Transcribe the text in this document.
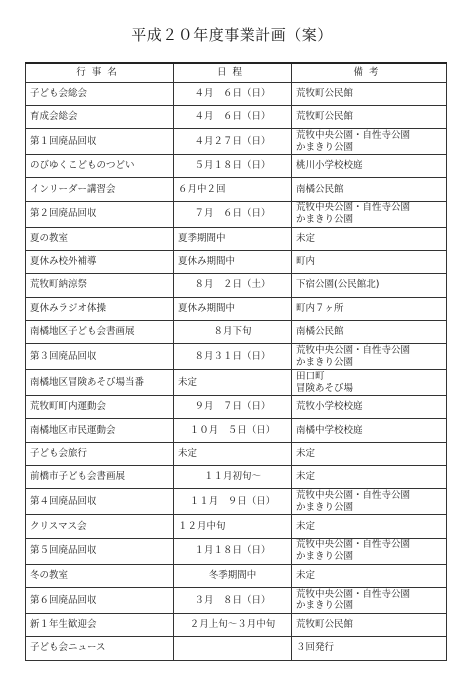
平成２０年度事業計画（案）
行事名	日程	備考
子ども会総会	４月　６日（日）	荒牧町公民館
育成会総会	４月　６日（日）	荒牧町公民館
第１回廃品回収	４月２７日（日）	荒牧中央公園・自性寺公園
かまきり公園
のびゆくこどものつどい	５月１８日（日）	桃川小学校校庭
インリーダー講習会	６月中２回	南橘公民館
第２回廃品回収	７月　６日（日）	荒牧中央公園・自性寺公園
かまきり公園
夏の教室	夏季期間中	未定
夏休み校外補導	夏休み期間中	町内
荒牧町納涼祭	８月　２日（土）	下宿公園(公民館北)
夏休みラジオ体操	夏休み期間中	町内７ヶ所
南橘地区子ども会書画展	８月下旬	南橘公民館
第３回廃品回収	８月３１日（日）	荒牧中央公園・自性寺公園
かまきり公園
南橘地区冒険あそび場当番	未定	田口町
冒険あそび場
荒牧町町内運動会	９月　７日（日）	荒牧小学校校庭
南橘地区市民運動会	１０月　５日（日）	南橘中学校校庭
子ども会旅行	未定	未定
前橋市子ども会書画展	１１月初旬～	未定
第４回廃品回収	１１月　９日（日）	荒牧中央公園・自性寺公園
かまきり公園
クリスマス会	１２月中旬	未定
第５回廃品回収	１月１８日（日）	荒牧中央公園・自性寺公園
かまきり公園
冬の教室	冬季期間中	未定
第６回廃品回収	３月　８日（日）	荒牧中央公園・自性寺公園
かまきり公園
新１年生歓迎会	２月上旬～３月中旬	荒牧町公民館
子ども会ニュース		３回発行
